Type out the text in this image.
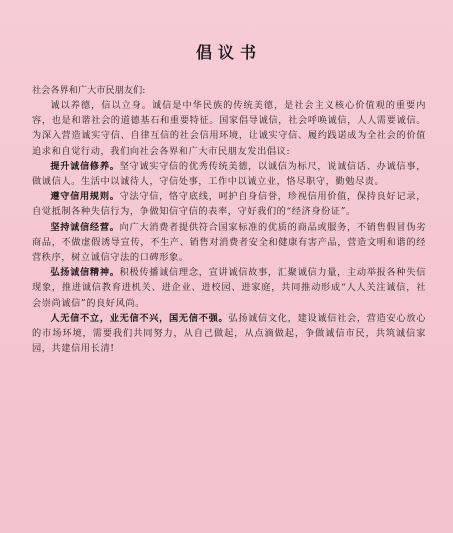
倡议书
社会各界和广大市民朋友们:

诚以养德，信以立身。诚信是中华民族的传统美德，是社会主义核心价值观的重要内容，也是和谐社会的道德基石和重要特征。国家倡导诚信，社会呼唤诚信，人人需要诚信。为深入营造诚实守信、自律互信的社会信用环境，让诚实守信、履约践诺成为全社会的价值追求和自觉行动，我们向社会各界和广大市民朋友发出倡议:

提升诚信修养。坚守诚实守信的优秀传统美德，以诚信为标尺，说诚信话、办诚信事，做诚信人。生活中以诚待人，守信处事，工作中以诚立业，恪尽职守，勤勉尽责。

遵守信用规则。守法守信，恪守底线，呵护自身信誉，珍视信用价值，保持良好记录，自觉抵制各种失信行为，争做知信守信的表率，守好我们的“经济身份证”。

坚持诚信经营。向广大消费者提供符合国家标准的优质的商品或服务，不销售假冒伪劣商品，不做虚假诱导宣传，不生产、销售对消费者安全和健康有害产品，营造文明和谐的经营秩序，树立诚信守法的口碑形象。

弘扬诚信精神。积极传播诚信理念，宣讲诚信故事，汇聚诚信力量，主动举报各种失信现象，推进诚信教育进机关、进企业、进校园、进家庭，共同推动形成“人人关注诚信，社会崇尚诚信”的良好风尚。

人无信不立，业无信不兴，国无信不强。弘扬诚信文化，建设诚信社会，营造安心放心的市场环境，需要我们共同努力，从自己做起，从点滴做起，争做诚信市民，共筑诚信家园，共建信用长清!
